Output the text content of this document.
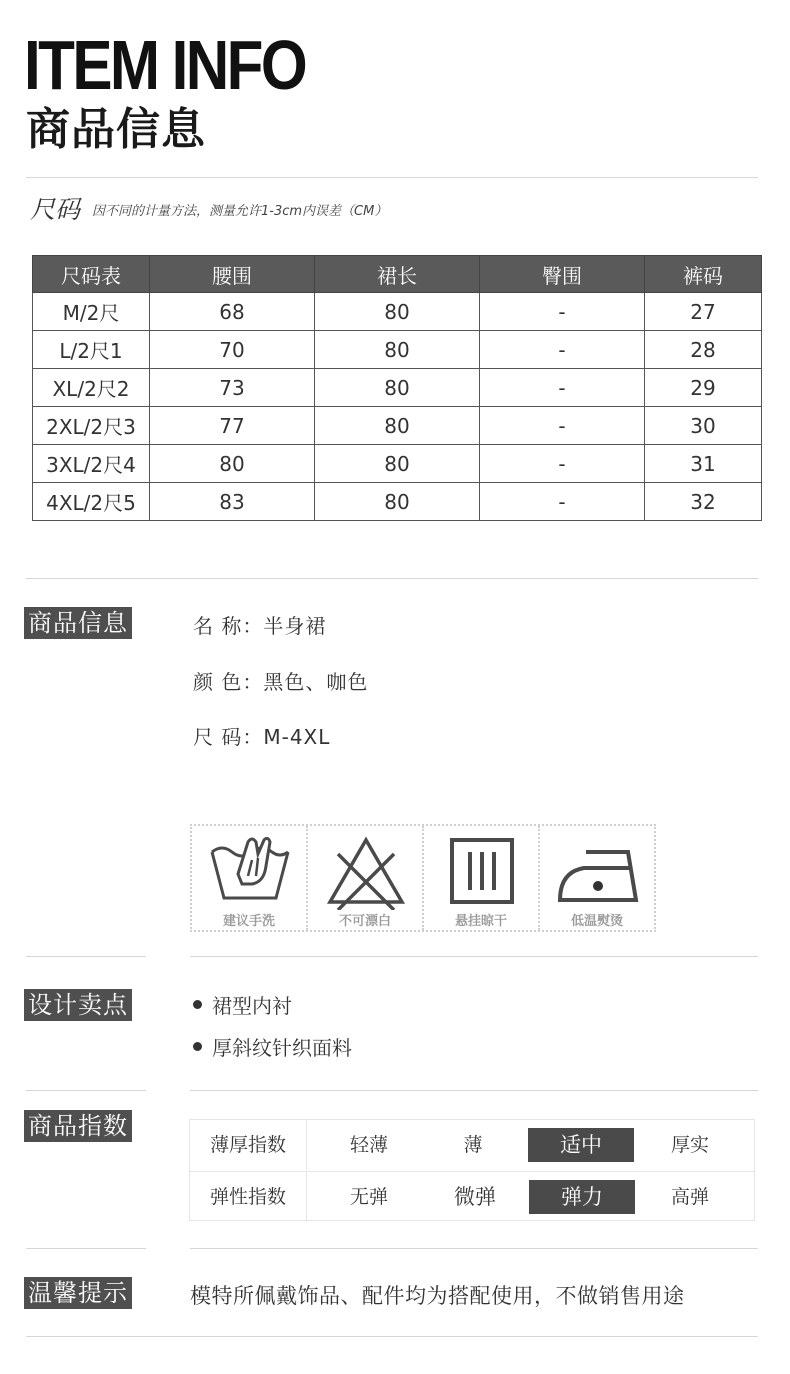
ITEM INFO
商品信息
尺码 因不同的计量方法，测量允许1-3cm内误差（CM）
尺码表	腰围	裙长	臀围	裤码
M/2尺	68	80	-	27
L/2尺1	70	80	-	28
XL/2尺2	73	80	-	29
2XL/2尺3	77	80	-	30
3XL/2尺4	80	80	-	31
4XL/2尺5	83	80	-	32
商品信息	名 称：半身裙
颜 色：黑色、咖色
尺 码：M-4XL
建议手洗	不可漂白	悬挂晾干	低温熨烫
设计卖点	裙型内衬
厚斜纹针织面料
商品指数
薄厚指数	轻薄	薄	适中	厚实
弹性指数	无弹	微弹	弹力	高弹
温馨提示	模特所佩戴饰品、配件均为搭配使用，不做销售用途
